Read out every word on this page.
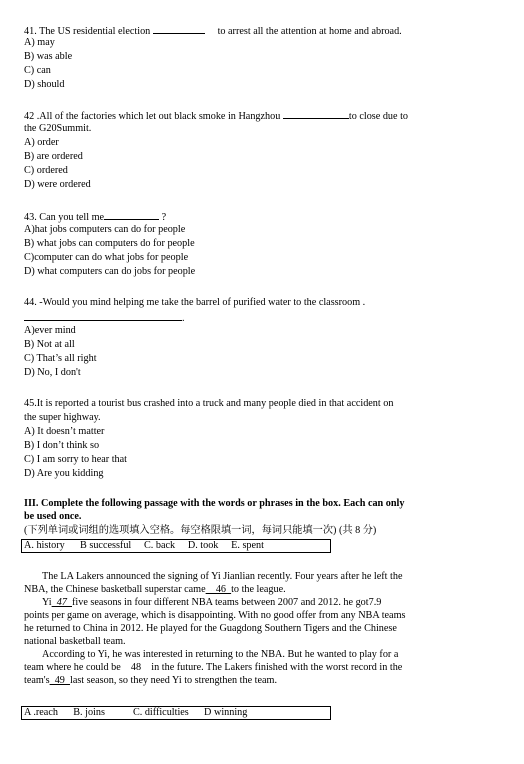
41. The US residential election	to arrest all the attention at home and abroad.
A) may
B) was able
C) can
D) should
42 .All of the factories which let out black smoke in Hangzhou	to close due to
the G20Summit.
A) order
B) are ordered
C) ordered
D) were ordered
43. Can you tell me	?
A)hat jobs computers can do for people
B) what jobs can computers do for people
C)computer can do what jobs for people
D) what computers can do jobs for people
44. -Would you mind helping me take the barrel of purified water to the classroom .
.
A)ever mind
B) Not at all
C) That’s all right
D) No, I don't
45.It is reported a tourist bus crashed into a truck and many people died in that accident on
the super highway.
A) It doesn’t matter
B) I don’t think so
C) I am sorry to hear that
D) Are you kidding
III. Complete the following passage with the words or phrases in the box. Each can only
be used once.
(下列单词或词组的选项填入空格。每空格限填一词，每词只能填一次) (共 8 分)
A. history      B successful     C. back     D. took     E. spent
The LA Lakers announced the signing of Yi Jianlian recently. Four years after he left the
NBA, the Chinese basketball superstar came    46  to the league.
Yi  47  five seasons in four different NBA teams between 2007 and 2012. he got7.9
points per game on average, which is disappointing. With no good offer from any NBA teams
he returned to China in 2012. He played for the Guagdong Southern Tigers and the Chinese
national basketball team.
According to Yi, he was interested in returning to the NBA. But he wanted to play for a
team where he could be    48    in the future. The Lakers finished with the worst record in the
team's  49  last season, so they need Yi to strengthen the team.
A .reach      B. joins           C. difficulties      D winning
